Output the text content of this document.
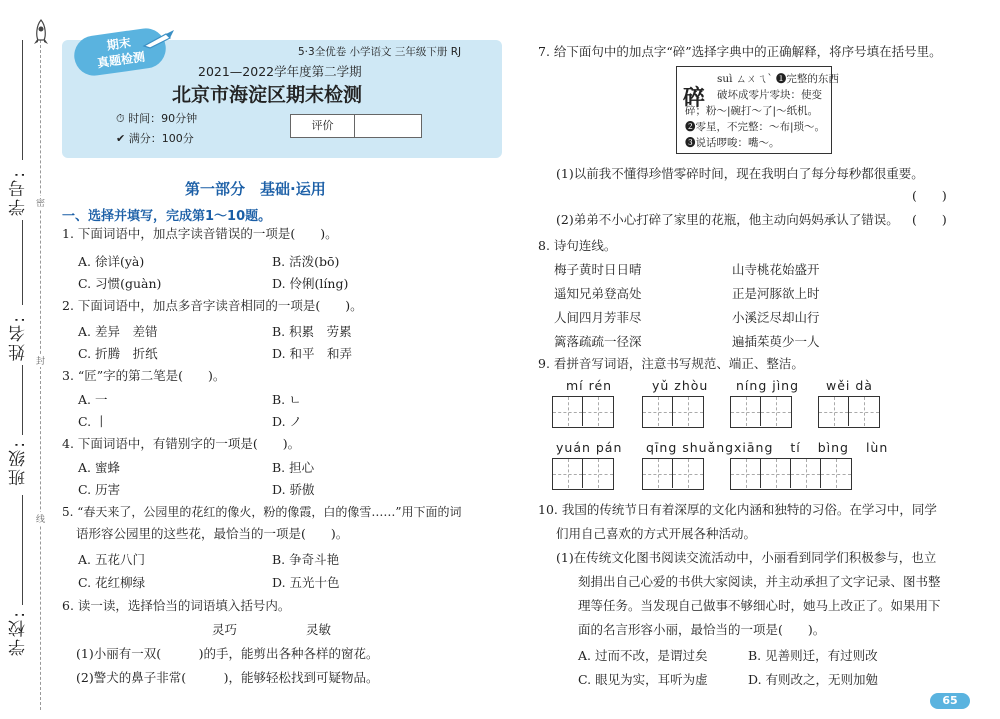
学号:
姓名:
班级:
学校:
密
封
线
期末
真题检测	5·3全优卷 小学语文 三年级下册 RJ
2021—2022学年度第二学期
北京市海淀区期末检测
⏱ 时间：90分钟
✔ 满分：100分
评价
第一部分　基础·运用
一、选择并填写，完成第1～10题。
1. 下面词语中，加点字读音错误的一项是(　　)。
A. 徐详(yà)	B. 活泼(bō)
C. 习惯(guàn)	D. 伶俐(líng)
2. 下面词语中，加点多音字读音相同的一项是(　　)。
A. 差异　差错	B. 积累　劳累
C. 折腾　折纸	D. 和平　和弄
3. “匠”字的第二笔是(　　)。
A. 一	B. ㄴ
C. 丨	D. ノ
4. 下面词语中，有错别字的一项是(　　)。
A. 蜜蜂	B. 担心
C. 历害	D. 骄傲
5. “春天来了，公园里的花红的像火，粉的像霞，白的像雪……”用下面的词
语形容公园里的这些花，最恰当的一项是(　　)。
A. 五花八门	B. 争奇斗艳
C. 花红柳绿	D. 五光十色
6. 读一读，选择恰当的词语填入括号内。
灵巧	灵敏
(1)小丽有一双(　　　)的手，能剪出各种各样的窗花。
(2)警犬的鼻子非常(　　　)，能够轻松找到可疑物品。
7. 给下面句中的加点字“碎”选择字典中的正确解释，将序号填在括号里。
碎
suì ㄙㄨㄟˋ ❶完整的东西
破坏成零片零块：使变
碎；粉～|碗打～了|～纸机。
❷零星，不完整：～布|琐～。
❸说话啰唆：嘴～。
(1)以前我不懂得珍惜零碎时间，现在我明白了每分每秒都很重要。
(　　)
(2)弟弟不小心打碎了家里的花瓶，他主动向妈妈承认了错误。 (　　)
8. 诗句连线。
梅子黄时日日晴
遥知兄弟登高处
人间四月芳菲尽
篱落疏疏一径深
山寺桃花始盛开
正是河豚欲上时
小溪泛尽却山行
遍插茱萸少一人
9. 看拼音写词语，注意书写规范、端正、整洁。
mí rén	yǔ zhòu níng jìng wěi dà
yuán pán qīng shuǎng xiāng tí bìng lùn
10. 我国的传统节日有着深厚的文化内涵和独特的习俗。在学习中，同学
们用自己喜欢的方式开展各种活动。
(1)在传统文化图书阅读交流活动中，小丽看到同学们积极参与，也立
刻捐出自己心爱的书供大家阅读，并主动承担了文字记录、图书整
理等任务。当发现自己做事不够细心时，她马上改正了。如果用下
面的名言形容小丽，最恰当的一项是(　　)。
A. 过而不改，是谓过矣	B. 见善则迁，有过则改
C. 眼见为实，耳听为虚	D. 有则改之，无则加勉
65
